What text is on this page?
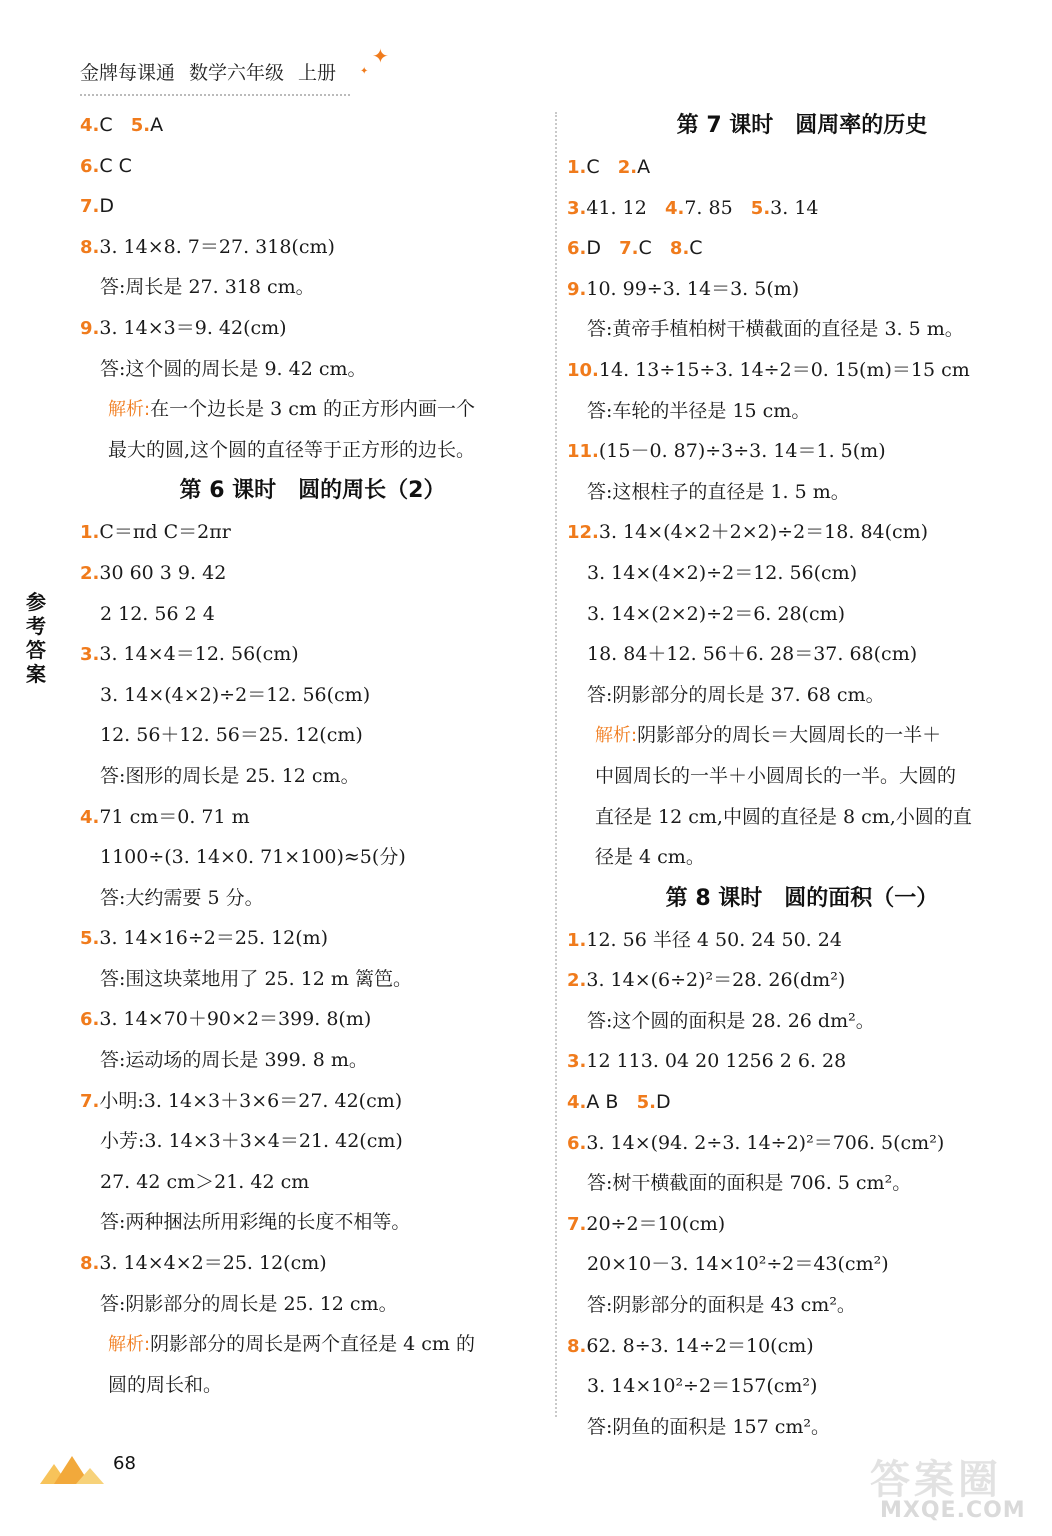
金牌每课通 数学六年级 上册
✦
✦
参考答案
4.C 5.A
6.C C
7.D
8.3. 14×8. 7＝27. 318(cm)
答:周长是 27. 318 cm。
9.3. 14×3＝9. 42(cm)
答:这个圆的周长是 9. 42 cm。
解析:在一个边长是 3 cm 的正方形内画一个
最大的圆,这个圆的直径等于正方形的边长。
第 6 课时　圆的周长（2）
1.C＝πd C＝2πr
2.30 60 3 9. 42
2 12. 56 2 4
3.3. 14×4＝12. 56(cm)
3. 14×(4×2)÷2＝12. 56(cm)
12. 56＋12. 56＝25. 12(cm)
答:图形的周长是 25. 12 cm。
4.71 cm＝0. 71 m
1100÷(3. 14×0. 71×100)≈5(分)
答:大约需要 5 分。
5.3. 14×16÷2＝25. 12(m)
答:围这块菜地用了 25. 12 m 篱笆。
6.3. 14×70＋90×2＝399. 8(m)
答:运动场的周长是 399. 8 m。
7.小明:3. 14×3＋3×6＝27. 42(cm)
小芳:3. 14×3＋3×4＝21. 42(cm)
27. 42 cm＞21. 42 cm
答:两种捆法所用彩绳的长度不相等。
8.3. 14×4×2＝25. 12(cm)
答:阴影部分的周长是 25. 12 cm。
解析:阴影部分的周长是两个直径是 4 cm 的
圆的周长和。
第 7 课时　圆周率的历史
1.C 2.A
3.41. 12 4.7. 85 5.3. 14
6.D 7.C 8.C
9.10. 99÷3. 14＝3. 5(m)
答:黄帝手植柏树干横截面的直径是 3. 5 m。
10.14. 13÷15÷3. 14÷2＝0. 15(m)＝15 cm
答:车轮的半径是 15 cm。
11.(15－0. 87)÷3÷3. 14＝1. 5(m)
答:这根柱子的直径是 1. 5 m。
12.3. 14×(4×2＋2×2)÷2＝18. 84(cm)
3. 14×(4×2)÷2＝12. 56(cm)
3. 14×(2×2)÷2＝6. 28(cm)
18. 84＋12. 56＋6. 28＝37. 68(cm)
答:阴影部分的周长是 37. 68 cm。
解析:阴影部分的周长＝大圆周长的一半＋
中圆周长的一半＋小圆周长的一半。大圆的
直径是 12 cm,中圆的直径是 8 cm,小圆的直
径是 4 cm。
第 8 课时　圆的面积（一）
1.12. 56 半径 4 50. 24 50. 24
2.3. 14×(6÷2)²＝28. 26(dm²)
答:这个圆的面积是 28. 26 dm²。
3.12 113. 04 20 1256 2 6. 28
4.A B 5.D
6.3. 14×(94. 2÷3. 14÷2)²＝706. 5(cm²)
答:树干横截面的面积是 706. 5 cm²。
7.20÷2＝10(cm)
20×10－3. 14×10²÷2＝43(cm²)
答:阴影部分的面积是 43 cm²。
8.62. 8÷3. 14÷2＝10(cm)
3. 14×10²÷2＝157(cm²)
答:阴鱼的面积是 157 cm²。
68	答案圈
MXQE.COM
